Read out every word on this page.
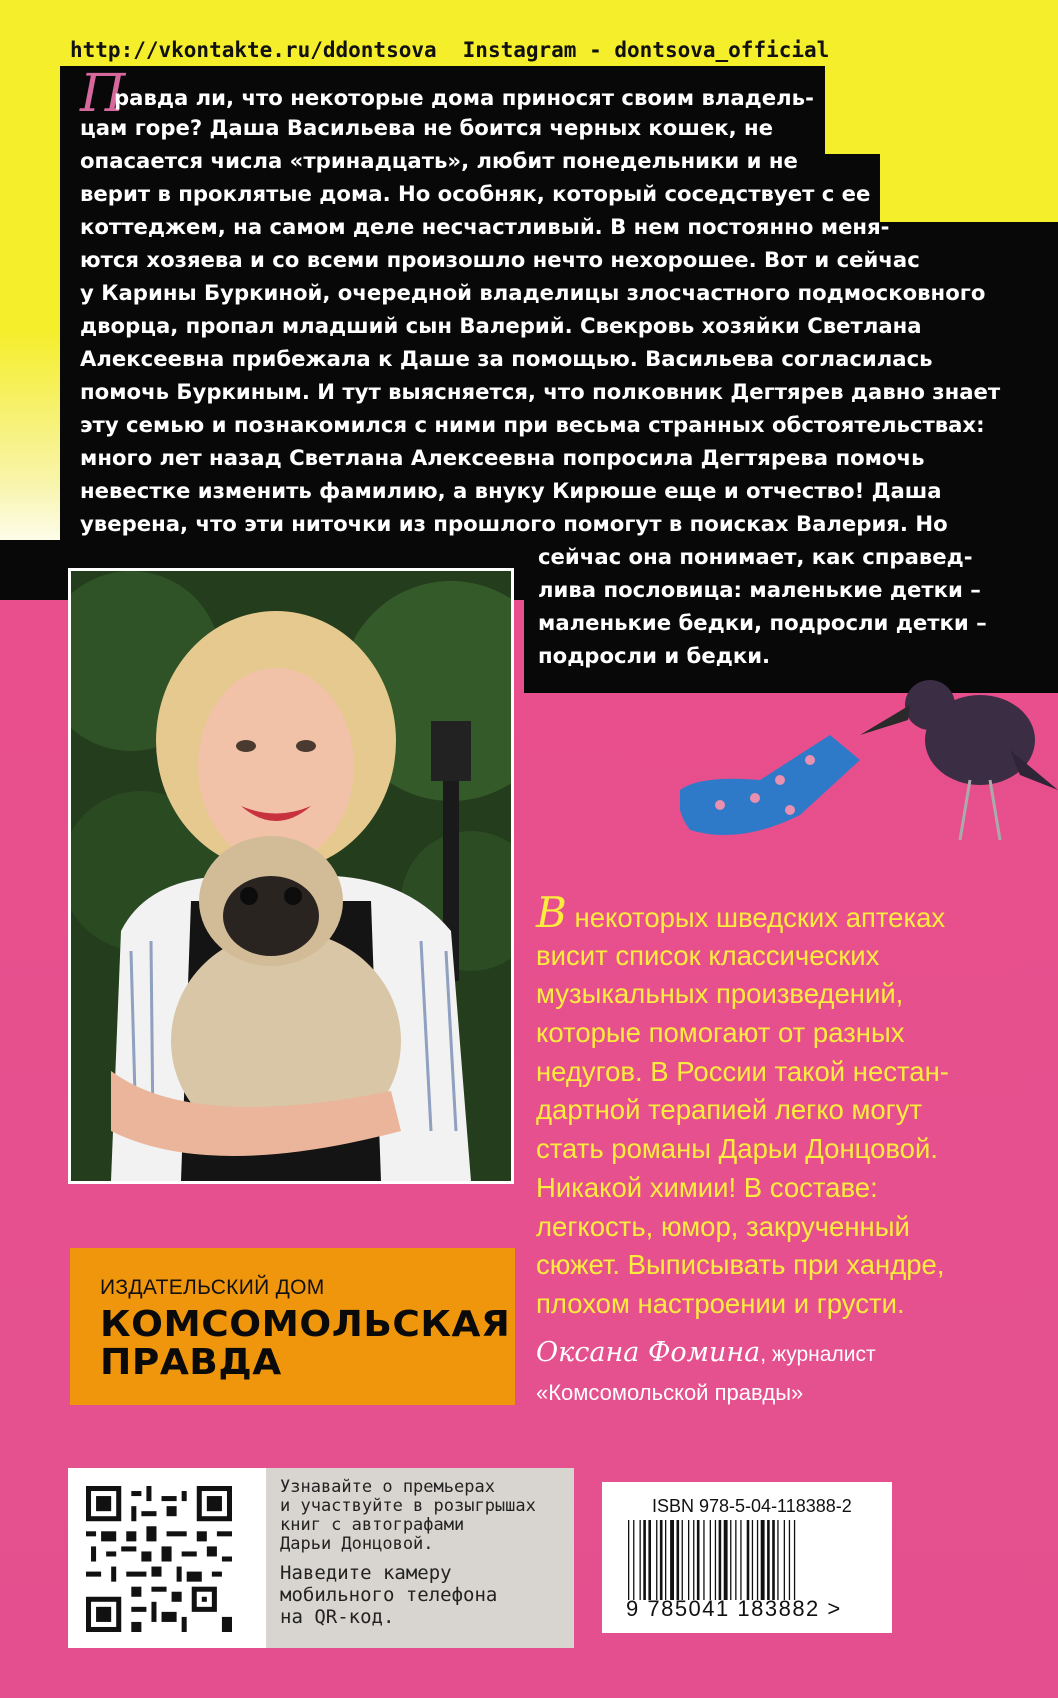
http://vkontakte.ru/ddontsova Instagram - dontsova_official
Правда ли, что некоторые дома приносят своим владель-
цам горе? Даша Васильева не боится черных кошек, не
опасается числа «тринадцать», любит понедельники и не
верит в проклятые дома. Но особняк, который соседствует с ее
коттеджем, на самом деле несчастливый. В нем постоянно меня-
ются хозяева и со всеми произошло нечто нехорошее. Вот и сейчас
у Карины Буркиной, очередной владелицы злосчастного подмосковного
дворца, пропал младший сын Валерий. Свекровь хозяйки Светлана
Алексеевна прибежала к Даше за помощью. Васильева согласилась
помочь Буркиным. И тут выясняется, что полковник Дегтярев давно знает
эту семью и познакомился с ними при весьма странных обстоятельствах:
много лет назад Светлана Алексеевна попросила Дегтярева помочь
невестке изменить фамилию, а внуку Кирюше еще и отчество! Даша
уверена, что эти ниточки из прошлого помогут в поисках Валерия. Но
сейчас она понимает, как справед-
лива пословица: маленькие детки –
маленькие бедки, подросли детки –
подросли и бедки.
В некоторых шведских аптеках
висит список классических
музыкальных произведений,
которые помогают от разных
недугов. В России такой нестан-
дартной терапией легко могут
стать романы Дарьи Донцовой.
Никакой химии! В составе:
легкость, юмор, закрученный
сюжет. Выписывать при хандре,
плохом настроении и грусти.
Оксана Фомина, журналист
«Комсомольской правды»
ИЗДАТЕЛЬСКИЙ ДОМ
КОМСОМОЛЬСКАЯ
ПРАВДА
Узнавайте о премьерах
и участвуйте в розыгрышах
книг с автографами
Дарьи Донцовой.
Наведите камеру
мобильного телефона
на QR-код.
ISBN 978-5-04-118388-2
9 785041 183882 >
